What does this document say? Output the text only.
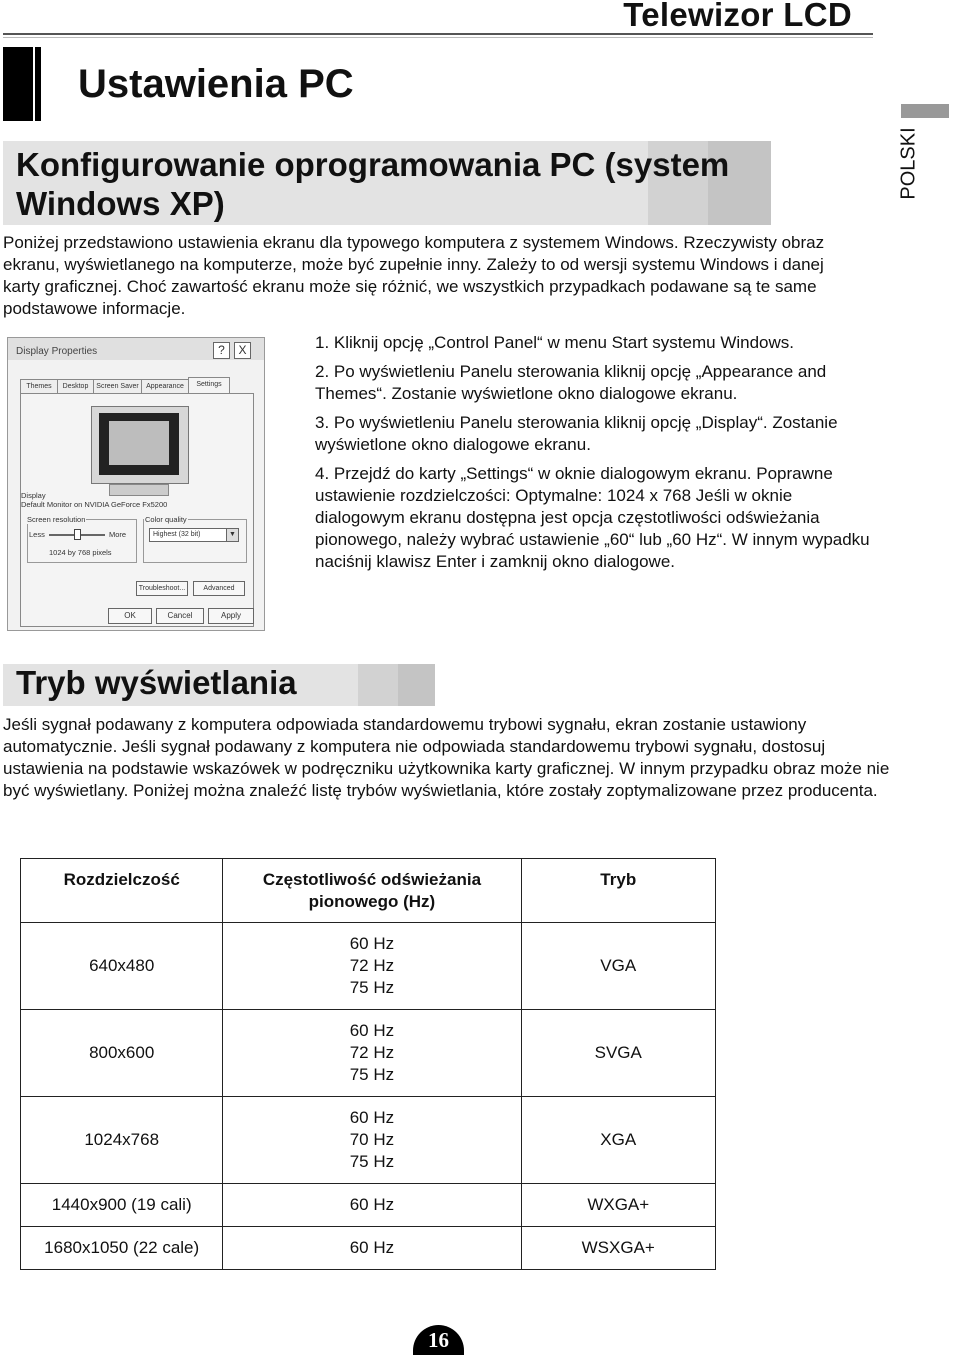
Telewizor LCD
Ustawienia PC
POLSKI
Konfigurowanie oprogramowania PC (system Windows XP)
Poniżej przedstawiono ustawienia ekranu dla typowego komputera z systemem Windows. Rzeczywisty obraz ekranu, wyświetlanego na komputerze, może być zupełnie inny. Zależy to od wersji systemu Windows i danej karty graficznej. Choć zawartość ekranu może się różnić, we wszystkich przypadkach podawane są te same podstawowe informacje.
Display Properties	?	X
Themes	Desktop	Screen Saver	Appearance	Settings
Display
Default Monitor on NVIDIA GeForce Fx5200
Screen resolution
Less	More
1024 by 768 pixels
Color quality
Highest (32 bit)	▼
Troubleshoot...	Advanced
OK	Cancel	Apply

1. Kliknij opcję „Control Panel“ w menu Start systemu Windows.

2. Po wyświetleniu Panelu sterowania kliknij opcję „Appearance and Themes“. Zostanie wyświetlone okno dialogowe ekranu.

3. Po wyświetleniu Panelu sterowania kliknij opcję „Display“. Zostanie wyświetlone okno dialogowe ekranu.

4. Przejdź do karty „Settings“ w oknie dialogowym ekranu. Poprawne ustawienie rozdzielczości: Optymalne: 1024 x 768 Jeśli w oknie dialogowym ekranu dostępna jest opcja częstotliwości odświeżania pionowego, należy wybrać ustawienie „60“ lub „60 Hz“. W innym wypadku naciśnij klawisz Enter i zamknij okno dialogowe.

Tryb wyświetlania
Jeśli sygnał podawany z komputera odpowiada standardowemu trybowi sygnału, ekran zostanie ustawiony automatycznie. Jeśli sygnał podawany z komputera nie odpowiada standardowemu trybowi sygnału, dostosuj ustawienia na podstawie wskazówek w podręczniku użytkownika karty graficznej. W innym przypadku obraz może nie być wyświetlany. Poniżej można znaleźć listę trybów wyświetlania, które zostały zoptymalizowane przez producenta.
Rozdzielczość	Częstotliwość odświeżania pionowego (Hz)	Tryb
640x480	60 Hz
72 Hz
75 Hz	VGA
800x600	60 Hz
72 Hz
75 Hz	SVGA
1024x768	60 Hz
70 Hz
75 Hz	XGA
1440x900 (19 cali)	60 Hz	WXGA+
1680x1050 (22 cale)	60 Hz	WSXGA+
16
